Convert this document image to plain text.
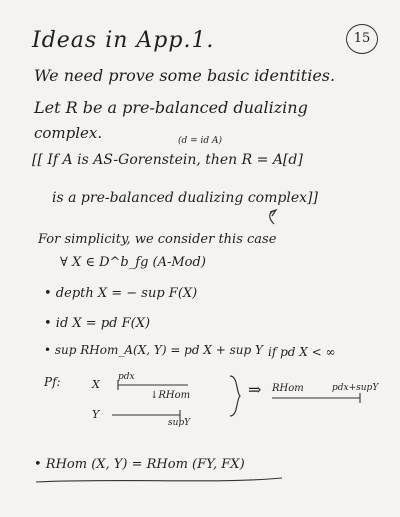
Ideas in App.1.	15
We need prove some basic identities.
Let R be a pre-balanced dualizing
complex.	(d = id A)
[[ If A is AS-Gorenstein, then R = A[d]
is a pre-balanced dualizing complex]]
For simplicity, we consider this case
∀ X ∈ D^b_fg (A-Mod)
• depth X = − sup F(X)
• id X = pd F(X)
• sup RHom_A(X, Y) = pd X + sup Y if pd X < ∞
Pf:	X
pdx
↓RHom
Y
supY
⇒ RHom	pdx+supY
• RHom (X, Y) = RHom (FY, FX)
